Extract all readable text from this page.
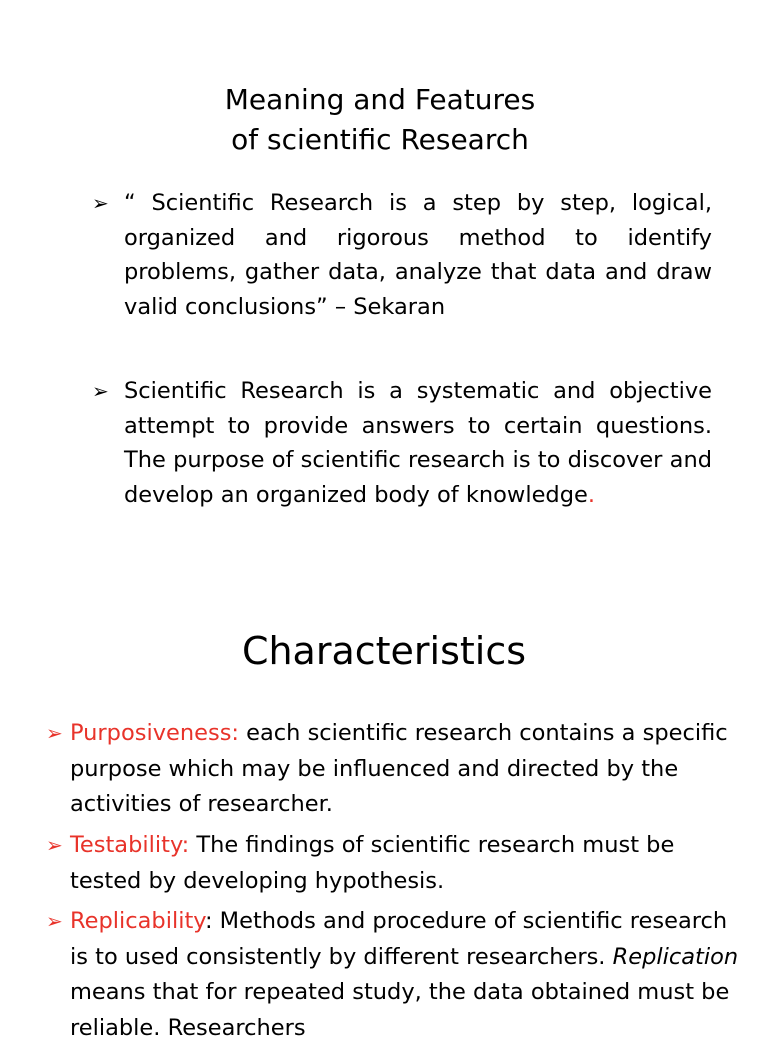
Meaning and Features
of scientific Research
➢ “ Scientific Research is a step by step, logical, organized and rigorous method to identify problems, gather data, analyze that data and draw valid conclusions” – Sekaran
➢ Scientific Research is a systematic and objective attempt to provide answers to certain questions. The purpose of scientific research is to discover and develop an organized body of knowledge.
Characteristics
➢ Purposiveness: each scientific research contains a specific purpose which may be influenced and directed by the activities of researcher.
➢ Testability: The findings of scientific research must be tested by developing hypothesis.
➢ Replicability: Methods and procedure of scientific research is to used consistently by different researchers. Replication means that for repeated study, the data obtained must be reliable. Researchers
